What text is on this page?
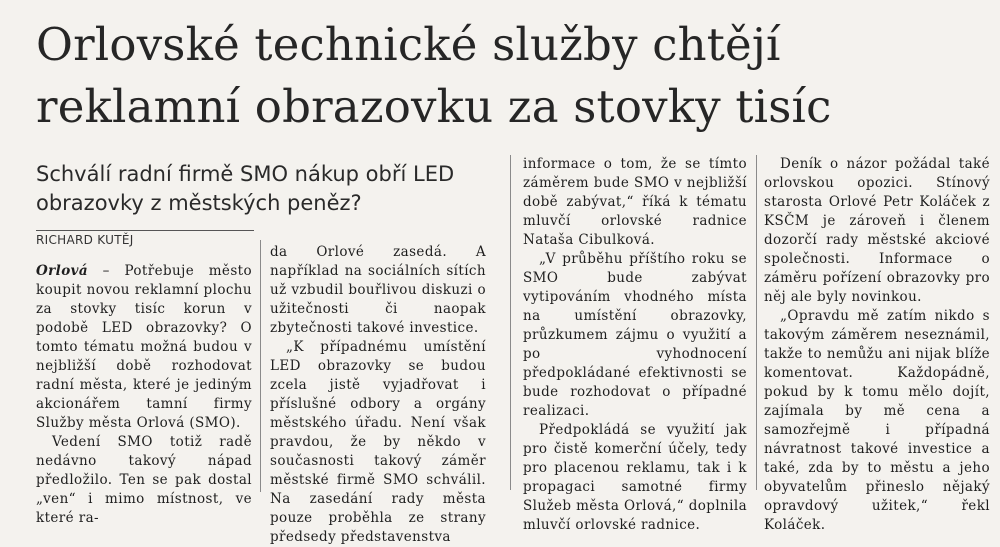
Orlovské technické služby chtějí
reklamní obrazovku za stovky tisíc
Schválí radní firmě SMO nákup obří LED
obrazovky z městských peněz?
RICHARD KUTĚJ

Orlová – Potřebuje město koupit novou reklamní plochu za stovky tisíc korun v podobě LED obrazovky? O tomto tématu možná budou v nejbližší době rozhodovat radní města, které je jediným akcionářem tamní firmy Služby města Orlová (SMO).

Vedení SMO totiž radě nedávno takový nápad předložilo. Ten se pak dostal „ven“ i mimo místnost, ve které ra-

da Orlové zasedá. A například na sociálních sítích už vzbudil bouřlivou diskuzi o užitečnosti či naopak zbytečnosti takové investice.

„K případnému umístění LED obrazovky se budou zcela jistě vyjadřovat i příslušné odbory a orgány městského úřadu. Není však pravdou, že by někdo v současnosti takový záměr městské firmě SMO schválil. Na zasedání rady města pouze proběhla ze strany předsedy představenstva

informace o tom, že se tímto záměrem bude SMO v nejbližší době zabývat,“ říká k tématu mluvčí orlovské radnice Nataša Cibulková.

„V průběhu příštího roku se SMO bude zabývat vytipováním vhodného místa na umístění obrazovky, průzkumem zájmu o využití a po vyhodnocení předpokládané efektivnosti se bude rozhodovat o případné realizaci.

Předpokládá se využití jak pro čistě komerční účely, tedy pro placenou reklamu, tak i k propagaci samotné firmy Služeb města Orlová,“ doplnila mluvčí orlovské radnice.

Deník o názor požádal také orlovskou opozici. Stínový starosta Orlové Petr Koláček z KSČM je zároveň i členem dozorčí rady městské akciové společnosti. Informace o záměru pořízení obrazovky pro něj ale byly novinkou.

„Opravdu mě zatím nikdo s takovým záměrem neseznámil, takže to nemůžu ani nijak blíže komentovat. Každopádně, pokud by k tomu mělo dojít, zajímala by mě cena a samozřejmě i případná návratnost takové investice a také, zda by to městu a jeho obyvatelům přineslo nějaký opravdový užitek,“ řekl Koláček.
